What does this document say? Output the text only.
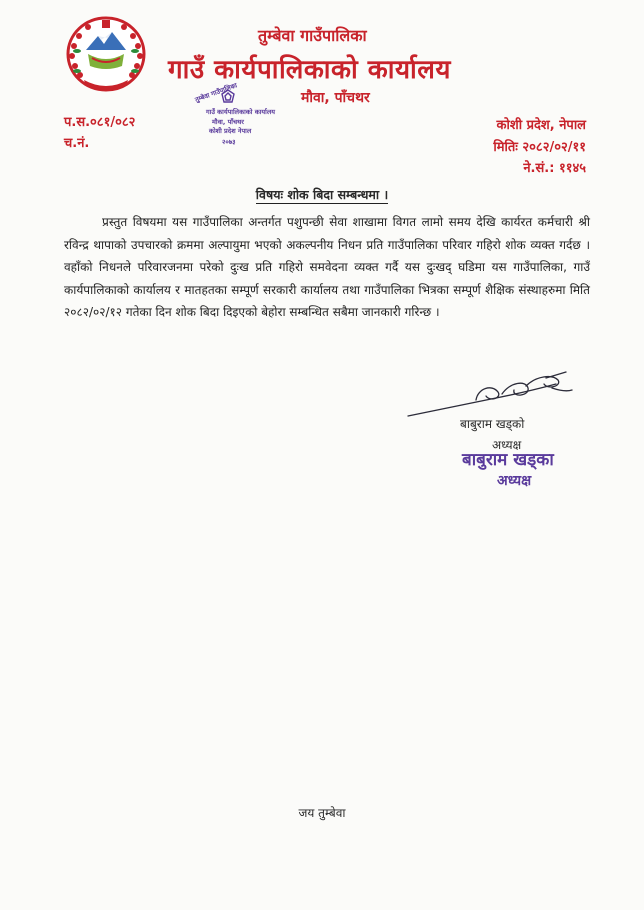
तुम्बेवा गाउँपालिका
गाउँ कार्यपालिकाको कार्यालय
मौवा, पाँचथर
तुम्बेवा गाउँपालिका
गाउँ कार्यपालिकाको कार्यालय
मौवा, पाँचथर
कोशी प्रदेश नेपाल
२०७३
प.स.०८१/०८२
च.नं.
कोशी प्रदेश, नेपाल
मितिः २०८२/०२/११
ने.सं.: ११४५
विषयः शोक बिदा सम्बन्धमा ।
प्रस्तुत विषयमा यस गाउँपालिका अन्तर्गत पशुपन्छी सेवा शाखामा विगत लामो समय देखि कार्यरत कर्मचारी श्री रविन्द्र थापाको उपचारको क्रममा अल्पायुमा भएको अकल्पनीय निधन प्रति गाउँपालिका परिवार गहिरो शोक व्यक्त गर्दछ । वहाँको निधनले परिवारजनमा परेको दुःख प्रति गहिरो समवेदना व्यक्त गर्दै यस दुःखद् घडिमा यस गाउँपालिका, गाउँ कार्यपालिकाको कार्यालय र मातहतका सम्पूर्ण सरकारी कार्यालय तथा गाउँपालिका भित्रका सम्पूर्ण शैक्षिक संस्थाहरुमा मिति २०८२/०२/१२ गतेका दिन शोक बिदा दिइएको बेहोरा सम्बन्धित सबैमा जानकारी गरिन्छ ।
बाबुराम खड्को
अध्यक्ष
बाबुराम खड्का
अध्यक्ष
जय तुम्बेवा
